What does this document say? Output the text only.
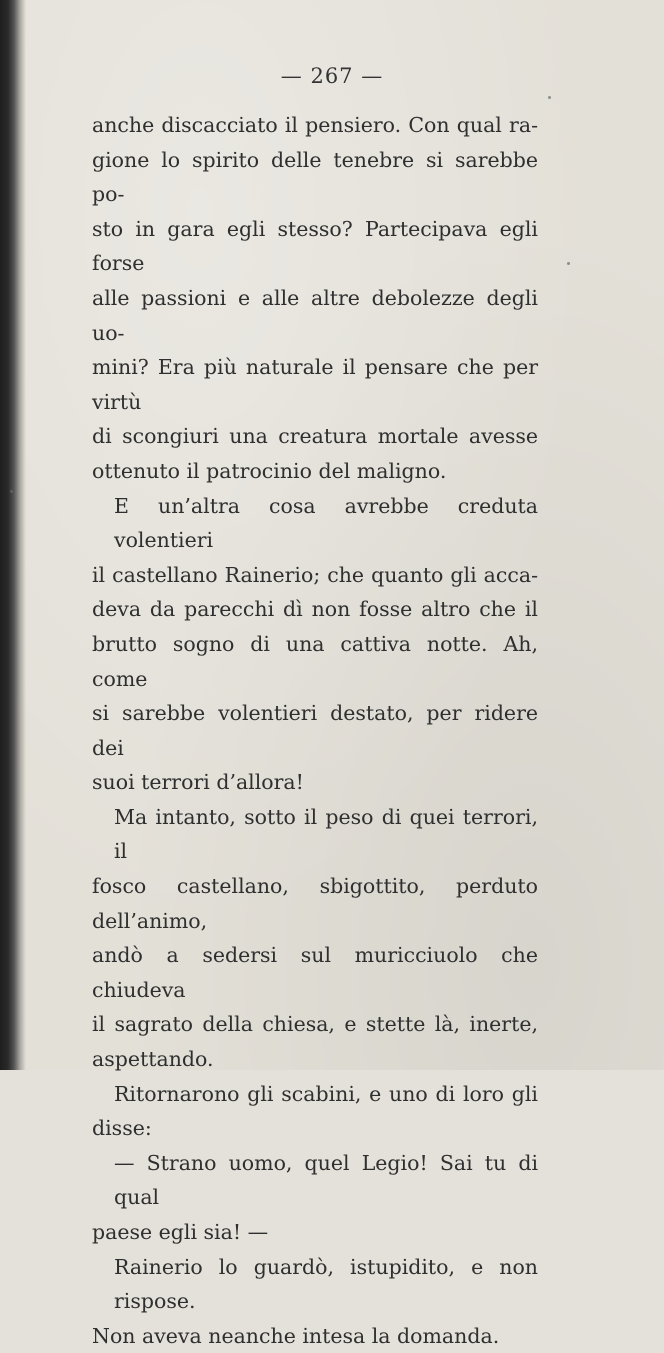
— 267 —
anche discacciato il pensiero. Con qual ra-
gione lo spirito delle tenebre si sarebbe po-
sto in gara egli stesso? Partecipava egli forse
alle passioni e alle altre debolezze degli uo-
mini? Era più naturale il pensare che per virtù
di scongiuri una creatura mortale avesse
ottenuto il patrocinio del maligno.
E un’altra cosa avrebbe creduta volentieri
il castellano Rainerio; che quanto gli acca-
deva da parecchi dì non fosse altro che il
brutto sogno di una cattiva notte. Ah, come
si sarebbe volentieri destato, per ridere dei
suoi terrori d’allora!
Ma intanto, sotto il peso di quei terrori, il
fosco castellano, sbigottito, perduto dell’animo,
andò a sedersi sul muricciuolo che chiudeva
il sagrato della chiesa, e stette là, inerte,
aspettando.
Ritornarono gli scabini, e uno di loro gli
disse:
— Strano uomo, quel Legio! Sai tu di qual
paese egli sia! —
Rainerio lo guardò, istupidito, e non rispose.
Non aveva neanche intesa la domanda.
